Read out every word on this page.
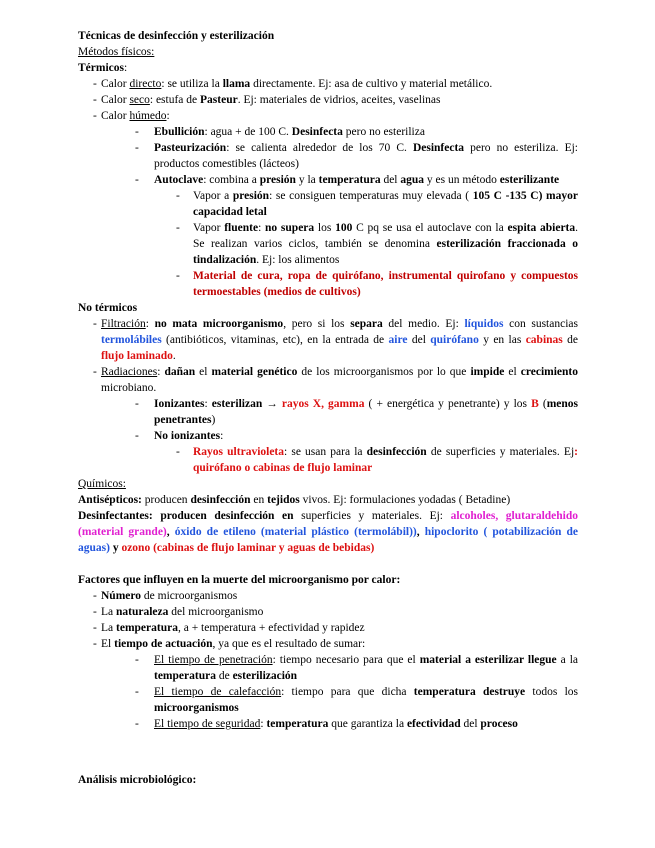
Técnicas de desinfección y esterilización
Métodos físicos:
Térmicos:
- Calor directo: se utiliza la llama directamente. Ej: asa de cultivo y material metálico.
- Calor seco: estufa de Pasteur. Ej: materiales de vidrios, aceites, vaselinas
- Calor húmedo:
- Ebullición: agua + de 100 C. Desinfecta pero no esteriliza
- Pasteurización: se calienta alrededor de los 70 C. Desinfecta pero no esteriliza. Ej: productos comestibles (lácteos)
- Autoclave: combina a presión y la temperatura del agua y es un método esterilizante
- Vapor a presión: se consiguen temperaturas muy elevada ( 105 C -135 C) mayor capacidad letal
- Vapor fluente: no supera los 100 C pq se usa el autoclave con la espita abierta. Se realizan varios ciclos, también se denomina esterilización fraccionada o tindalización. Ej: los alimentos
- Material de cura, ropa de quirófano, instrumental quirofano y compuestos termoestables (medios de cultivos)
No térmicos
- Filtración: no mata microorganismo, pero si los separa del medio. Ej: líquidos con sustancias termolábiles (antibióticos, vitaminas, etc), en la entrada de aire del quirófano y en las cabinas de flujo laminado.
- Radiaciones: dañan el material genético de los microorganismos por lo que impide el crecimiento microbiano.
- Ionizantes: esterilizan → rayos X, gamma ( + energética y penetrante) y los B (menos penetrantes)
- No ionizantes:
- Rayos ultravioleta: se usan para la desinfección de superficies y materiales. Ej: quirófano o cabinas de flujo laminar
Químicos:
Antisépticos: producen desinfección en tejidos vivos. Ej: formulaciones yodadas ( Betadine)
Desinfectantes: producen desinfección en superficies y materiales. Ej: alcoholes, glutaraldehido (material grande), óxido de etileno (material plástico (termolábil)), hipoclorito ( potabilización de aguas) y ozono (cabinas de flujo laminar y aguas de bebidas)
Factores que influyen en la muerte del microorganismo por calor:
- Número de microorganismos
- La naturaleza del microorganismo
- La temperatura, a + temperatura + efectividad y rapidez
- El tiempo de actuación, ya que es el resultado de sumar:
- El tiempo de penetración: tiempo necesario para que el material a esterilizar llegue a la temperatura de esterilización
- El tiempo de calefacción: tiempo para que dicha temperatura destruye todos los microorganismos
- El tiempo de seguridad: temperatura que garantiza la efectividad del proceso
Análisis microbiológico:
